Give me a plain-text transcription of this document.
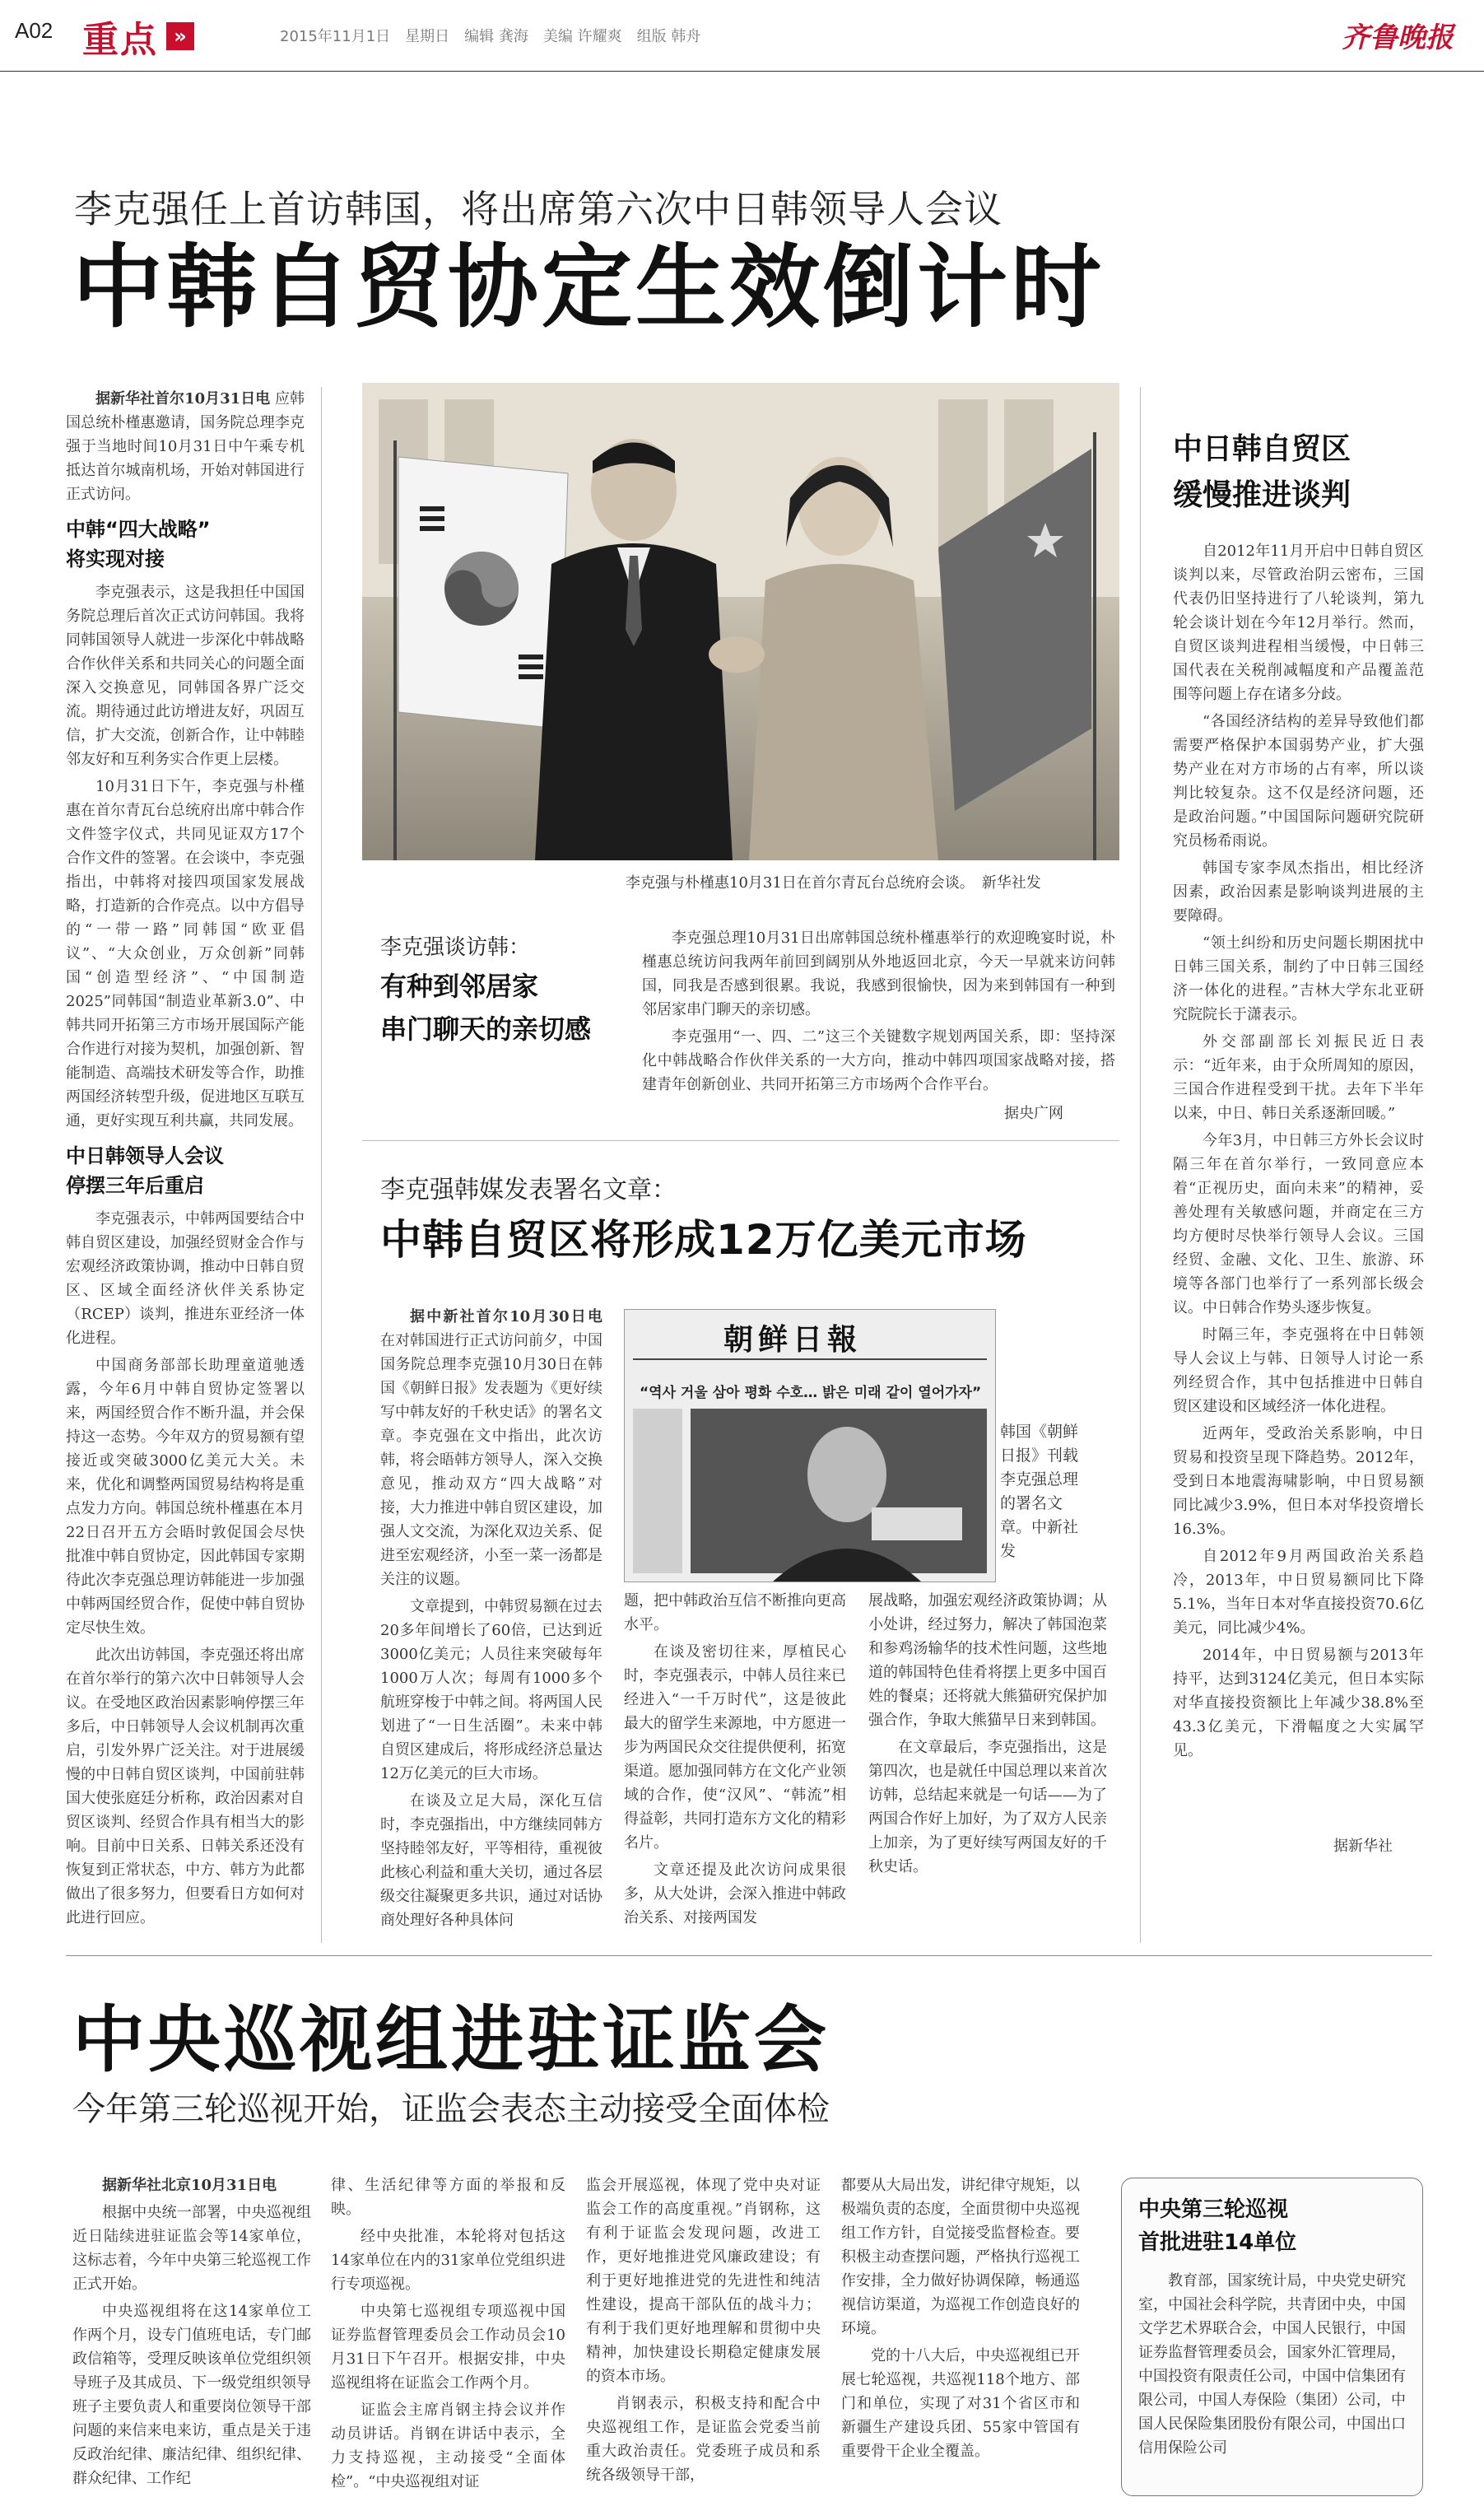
A02 重点 »	2015年11月1日　星期日　编辑 龚海　美编 许耀爽　组版 韩舟	齐鲁晚报
李克强任上首访韩国，将出席第六次中日韩领导人会议
中韩自贸协定生效倒计时

据新华社首尔10月31日电 应韩国总统朴槿惠邀请，国务院总理李克强于当地时间10月31日中午乘专机抵达首尔城南机场，开始对韩国进行正式访问。

中韩“四大战略”
将实现对接

李克强表示，这是我担任中国国务院总理后首次正式访问韩国。我将同韩国领导人就进一步深化中韩战略合作伙伴关系和共同关心的问题全面深入交换意见，同韩国各界广泛交流。期待通过此访增进友好，巩固互信，扩大交流，创新合作，让中韩睦邻友好和互利务实合作更上层楼。

10月31日下午，李克强与朴槿惠在首尔青瓦台总统府出席中韩合作文件签字仪式，共同见证双方17个合作文件的签署。在会谈中，李克强指出，中韩将对接四项国家发展战略，打造新的合作亮点。以中方倡导的“一带一路”同韩国“欧亚倡议”、“大众创业，万众创新”同韩国“创造型经济”、“中国制造2025”同韩国“制造业革新3.0”、中韩共同开拓第三方市场开展国际产能合作进行对接为契机，加强创新、智能制造、高端技术研发等合作，助推两国经济转型升级，促进地区互联互通，更好实现互利共赢，共同发展。

中日韩领导人会议
停摆三年后重启

李克强表示，中韩两国要结合中韩自贸区建设，加强经贸财金合作与宏观经济政策协调，推动中日韩自贸区、区域全面经济伙伴关系协定（RCEP）谈判，推进东亚经济一体化进程。

中国商务部部长助理童道驰透露，今年6月中韩自贸协定签署以来，两国经贸合作不断升温，并会保持这一态势。今年双方的贸易额有望接近或突破3000亿美元大关。未来，优化和调整两国贸易结构将是重点发力方向。韩国总统朴槿惠在本月22日召开五方会晤时敦促国会尽快批准中韩自贸协定，因此韩国专家期待此次李克强总理访韩能进一步加强中韩两国经贸合作，促使中韩自贸协定尽快生效。

此次出访韩国，李克强还将出席在首尔举行的第六次中日韩领导人会议。在受地区政治因素影响停摆三年多后，中日韩领导人会议机制再次重启，引发外界广泛关注。对于进展缓慢的中日韩自贸区谈判，中国前驻韩国大使张庭廷分析称，政治因素对自贸区谈判、经贸合作具有相当大的影响。目前中日关系、日韩关系还没有恢复到正常状态，中方、韩方为此都做出了很多努力，但要看日方如何对此进行回应。

李克强与朴槿惠10月31日在首尔青瓦台总统府会谈。　新华社发
李克强谈访韩：
有种到邻居家
串门聊天的亲切感

李克强总理10月31日出席韩国总统朴槿惠举行的欢迎晚宴时说，朴槿惠总统访问我两年前回到阔别从外地返回北京，今天一早就来访问韩国，同我是否感到很累。我说，我感到很愉快，因为来到韩国有一种到邻居家串门聊天的亲切感。

李克强用“一、四、二”这三个关键数字规划两国关系，即：坚持深化中韩战略合作伙伴关系的一大方向，推动中韩四项国家战略对接，搭建青年创新创业、共同开拓第三方市场两个合作平台。

据央广网
李克强韩媒发表署名文章：
中韩自贸区将形成12万亿美元市场

据中新社首尔10月30日电 在对韩国进行正式访问前夕，中国国务院总理李克强10月30日在韩国《朝鲜日报》发表题为《更好续写中韩友好的千秋史话》的署名文章。李克强在文中指出，此次访韩，将会晤韩方领导人，深入交换意见，推动双方“四大战略”对接，大力推进中韩自贸区建设，加强人文交流，为深化双边关系、促进至宏观经济，小至一菜一汤都是关注的议题。

文章提到，中韩贸易额在过去20多年间增长了60倍，已达到近3000亿美元；人员往来突破每年1000万人次；每周有1000多个航班穿梭于中韩之间。将两国人民划进了“一日生活圈”。未来中韩自贸区建成后，将形成经济总量达12万亿美元的巨大市场。

在谈及立足大局，深化互信时，李克强指出，中方继续同韩方坚持睦邻友好，平等相待，重视彼此核心利益和重大关切，通过各层级交往凝聚更多共识，通过对话协商处理好各种具体问

朝鲜日報
“역사 거울 삼아 평화 수호… 밝은 미래 같이 열어가자”
韩国《朝鲜日报》刊载李克强总理的署名文章。中新社发

题，把中韩政治互信不断推向更高水平。

在谈及密切往来，厚植民心时，李克强表示，中韩人员往来已经进入“一千万时代”，这是彼此最大的留学生来源地，中方愿进一步为两国民众交往提供便利，拓宽渠道。愿加强同韩方在文化产业领域的合作，使“汉风”、“韩流”相得益彰，共同打造东方文化的精彩名片。

文章还提及此次访问成果很多，从大处讲，会深入推进中韩政治关系、对接两国发

展战略，加强宏观经济政策协调；从小处讲，经过努力，解决了韩国泡菜和参鸡汤输华的技术性问题，这些地道的韩国特色佳肴将摆上更多中国百姓的餐桌；还将就大熊猫研究保护加强合作，争取大熊猫早日来到韩国。

在文章最后，李克强指出，这是第四次，也是就任中国总理以来首次访韩，总结起来就是一句话——为了两国合作好上加好，为了双方人民亲上加亲，为了更好续写两国友好的千秋史话。

中日韩自贸区
缓慢推进谈判

自2012年11月开启中日韩自贸区谈判以来，尽管政治阴云密布，三国代表仍旧坚持进行了八轮谈判，第九轮会谈计划在今年12月举行。然而，自贸区谈判进程相当缓慢，中日韩三国代表在关税削减幅度和产品覆盖范围等问题上存在诸多分歧。

“各国经济结构的差异导致他们都需要严格保护本国弱势产业，扩大强势产业在对方市场的占有率，所以谈判比较复杂。这不仅是经济问题，还是政治问题。”中国国际问题研究院研究员杨希雨说。

韩国专家李凤杰指出，相比经济因素，政治因素是影响谈判进展的主要障碍。

“领土纠纷和历史问题长期困扰中日韩三国关系，制约了中日韩三国经济一体化的进程。”吉林大学东北亚研究院院长于潇表示。

外交部副部长刘振民近日表示：“近年来，由于众所周知的原因，三国合作进程受到干扰。去年下半年以来，中日、韩日关系逐渐回暖。”

今年3月，中日韩三方外长会议时隔三年在首尔举行，一致同意应本着“正视历史，面向未来”的精神，妥善处理有关敏感问题，并商定在三方均方便时尽快举行领导人会议。三国经贸、金融、文化、卫生、旅游、环境等各部门也举行了一系列部长级会议。中日韩合作势头逐步恢复。

时隔三年，李克强将在中日韩领导人会议上与韩、日领导人讨论一系列经贸合作，其中包括推进中日韩自贸区建设和区域经济一体化进程。

近两年，受政治关系影响，中日贸易和投资呈现下降趋势。2012年，受到日本地震海啸影响，中日贸易额同比减少3.9%，但日本对华投资增长16.3%。

自2012年9月两国政治关系趋冷，2013年，中日贸易额同比下降5.1%，当年日本对华直接投资70.6亿美元，同比减少4%。

2014年，中日贸易额与2013年持平，达到3124亿美元，但日本实际对华直接投资额比上年减少38.8%至43.3亿美元，下滑幅度之大实属罕见。

据新华社
中央巡视组进驻证监会
今年第三轮巡视开始，证监会表态主动接受全面体检

据新华社北京10月31日电

根据中央统一部署，中央巡视组近日陆续进驻证监会等14家单位，这标志着，今年中央第三轮巡视工作正式开始。

中央巡视组将在这14家单位工作两个月，设专门值班电话，专门邮政信箱等，受理反映该单位党组织领导班子及其成员、下一级党组织领导班子主要负责人和重要岗位领导干部问题的来信来电来访，重点是关于违反政治纪律、廉洁纪律、组织纪律、群众纪律、工作纪

律、生活纪律等方面的举报和反映。

经中央批准，本轮将对包括这14家单位在内的31家单位党组织进行专项巡视。

中央第七巡视组专项巡视中国证券监督管理委员会工作动员会10月31日下午召开。根据安排，中央巡视组将在证监会工作两个月。

证监会主席肖钢主持会议并作动员讲话。肖钢在讲话中表示，全力支持巡视，主动接受“全面体检”。“中央巡视组对证

监会开展巡视，体现了党中央对证监会工作的高度重视。”肖钢称，这有利于证监会发现问题，改进工作，更好地推进党风廉政建设；有利于更好地推进党的先进性和纯洁性建设，提高干部队伍的战斗力；有利于我们更好地理解和贯彻中央精神，加快建设长期稳定健康发展的资本市场。

肖钢表示，积极支持和配合中央巡视组工作，是证监会党委当前重大政治责任。党委班子成员和系统各级领导干部，

都要从大局出发，讲纪律守规矩，以极端负责的态度，全面贯彻中央巡视组工作方针，自觉接受监督检查。要积极主动查摆问题，严格执行巡视工作安排，全力做好协调保障，畅通巡视信访渠道，为巡视工作创造良好的环境。

党的十八大后，中央巡视组已开展七轮巡视，共巡视118个地方、部门和单位，实现了对31个省区市和新疆生产建设兵团、55家中管国有重要骨干企业全覆盖。

中央第三轮巡视
首批进驻14单位
教育部，国家统计局，中央党史研究室，中国社会科学院，共青团中央，中国文学艺术界联合会，中国人民银行，中国证券监督管理委员会，国家外汇管理局，中国投资有限责任公司，中国中信集团有限公司，中国人寿保险（集团）公司，中国人民保险集团股份有限公司，中国出口信用保险公司
